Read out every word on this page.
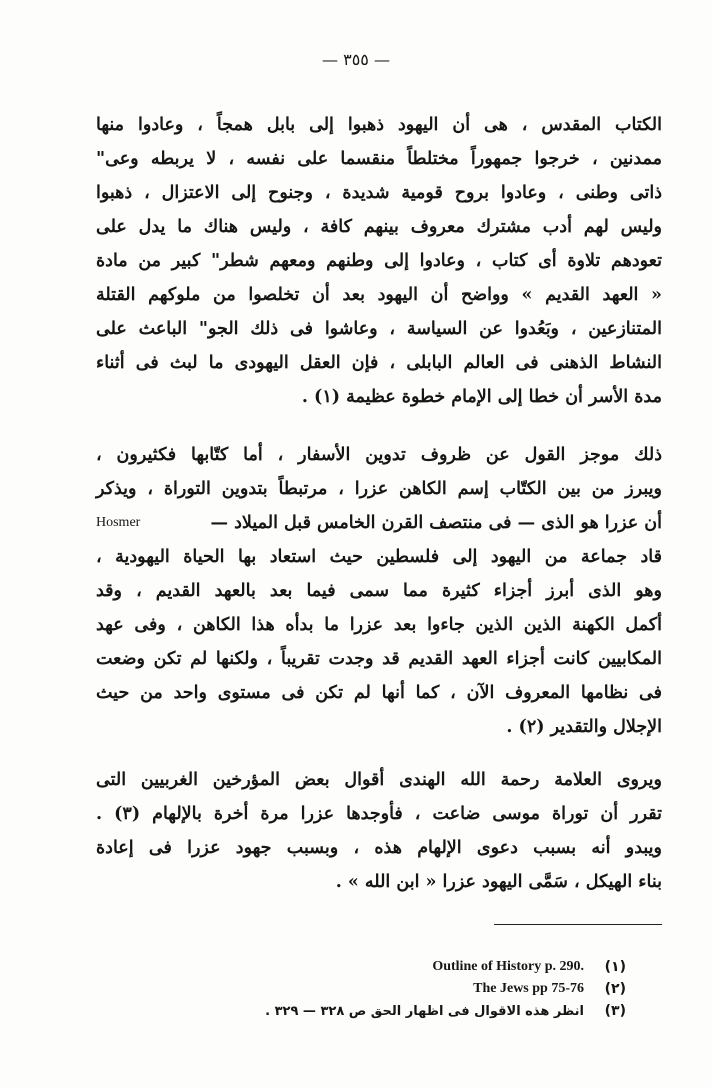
— ٣٥٥ —
الكتاب المقدس ، هى أن اليهود ذهبوا إلى بابل همجاً ، وعادوا منها
ممدنين ، خرجوا جمهوراً مختلطاً منقسما على نفسه ، لا يربطه وعى"
ذاتى وطنى ، وعادوا بروح قومية شديدة ، وجنوح إلى الاعتزال ، ذهبوا
وليس لهم أدب مشترك معروف بينهم كافة ، وليس هناك ما يدل على
تعودهم تلاوة أى كتاب ، وعادوا إلى وطنهم ومعهم شطر" كبير من مادة
« العهد القديم » وواضح أن اليهود بعد أن تخلصوا من ملوكهم القتلة
المتنازعين ، وبَعُدوا عن السياسة ، وعاشوا فى ذلك الجو" الباعث على
النشاط الذهنى فى العالم البابلى ، فإن العقل اليهودى ما لبث فى أثناء
مدة الأسر أن خطا إلى الإمام خطوة عظيمة (١) .
ذلك موجز القول عن ظروف تدوين الأسفار ، أما كتّابها فكثيرون ،
ويبرز من بين الكتّاب إسم الكاهن عزرا ، مرتبطاً بتدوين التوراة ، ويذكر
أن عزرا هو الذى — فى منتصف القرن الخامس قبل الميلاد —
Hosmer
قاد جماعة من اليهود إلى فلسطين حيث استعاد بها الحياة اليهودية ،
وهو الذى أبرز أجزاء كثيرة مما سمى فيما بعد بالعهد القديم ، وقد
أكمل الكهنة الذين الذين جاءوا بعد عزرا ما بدأه هذا الكاهن ، وفى عهد
المكابيين كانت أجزاء العهد القديم قد وجدت تقريباً ، ولكنها لم تكن وضعت
فى نظامها المعروف الآن ، كما أنها لم تكن فى مستوى واحد من حيث
الإجلال والتقدير (٢) .
ويروى العلامة رحمة الله الهندى أقوال بعض المؤرخين الغربيين التى
تقرر أن توراة موسى ضاعت ، فأوجدها عزرا مرة أخرة بالإلهام (٣) .
ويبدو أنه بسبب دعوى الإلهام هذه ، وبسبب جهود عزرا فى إعادة
بناء الهيكل ، سَمَّى اليهود عزرا « ابن الله » .
Outline of History p. 290.	(١)
The Jews pp 75-76	(٢)
انظر هذه الاقوال فى اظهار الحق ص ٣٢٨ — ٣٢٩ .	(٣)
